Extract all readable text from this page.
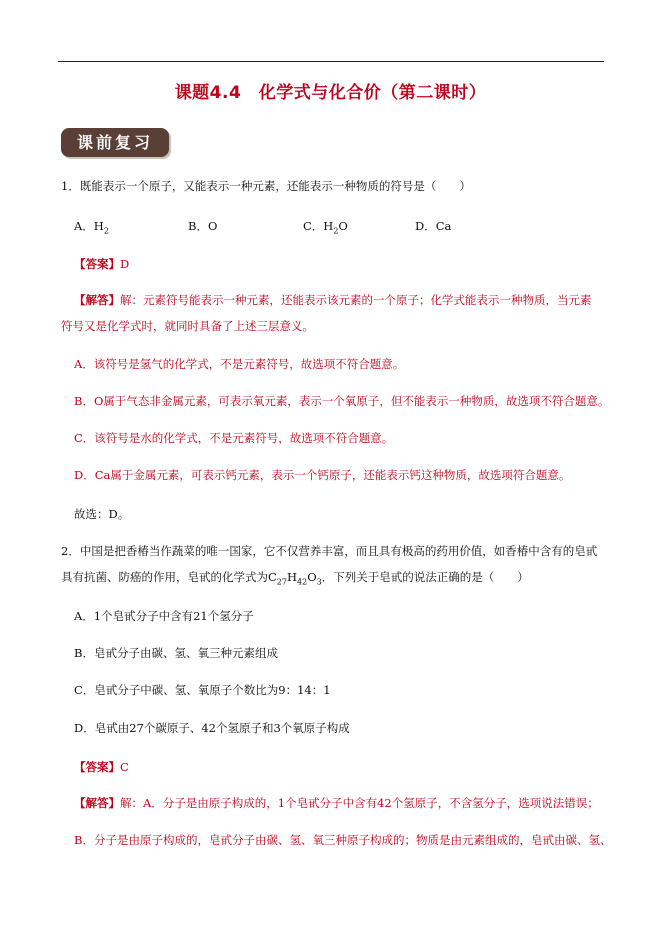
课题4.4　化学式与化合价（第二课时）
课前复习
1．既能表示一个原子，又能表示一种元素，还能表示一种物质的符号是（　　）
A．$H_2$	B．O	C．$H_2O$	D．Ca
【答案】D
【解答】解：元素符号能表示一种元素，还能表示该元素的一个原子；化学式能表示一种物质，当元素
符号又是化学式时，就同时具备了上述三层意义。
A．该符号是氢气的化学式，不是元素符号，故选项不符合题意。
B．O属于气态非金属元素，可表示氧元素，表示一个氧原子，但不能表示一种物质，故选项不符合题意。
C．该符号是水的化学式，不是元素符号，故选项不符合题意。
D．Ca属于金属元素，可表示钙元素，表示一个钙原子，还能表示钙这种物质，故选项符合题意。
故选：D。
2．中国是把香椿当作蔬菜的唯一国家，它不仅营养丰富，而且具有极高的药用价值，如香椿中含有的皂甙
具有抗菌、防癌的作用，皂甙的化学式为$C_{27}H_{42}O_3$．下列关于皂甙的说法正确的是（　　）
A．1个皂甙分子中含有21个氢分子
B．皂甙分子由碳、氢、氧三种元素组成
C．皂甙分子中碳、氢、氧原子个数比为9：14：1
D．皂甙由27个碳原子、42个氢原子和3个氧原子构成
【答案】C
【解答】解：A．分子是由原子构成的，1个皂甙分子中含有42个氢原子，不含氢分子，选项说法错误；
B．分子是由原子构成的，皂甙分子由碳、氢、氧三种原子构成的；物质是由元素组成的，皂甙由碳、氢、
